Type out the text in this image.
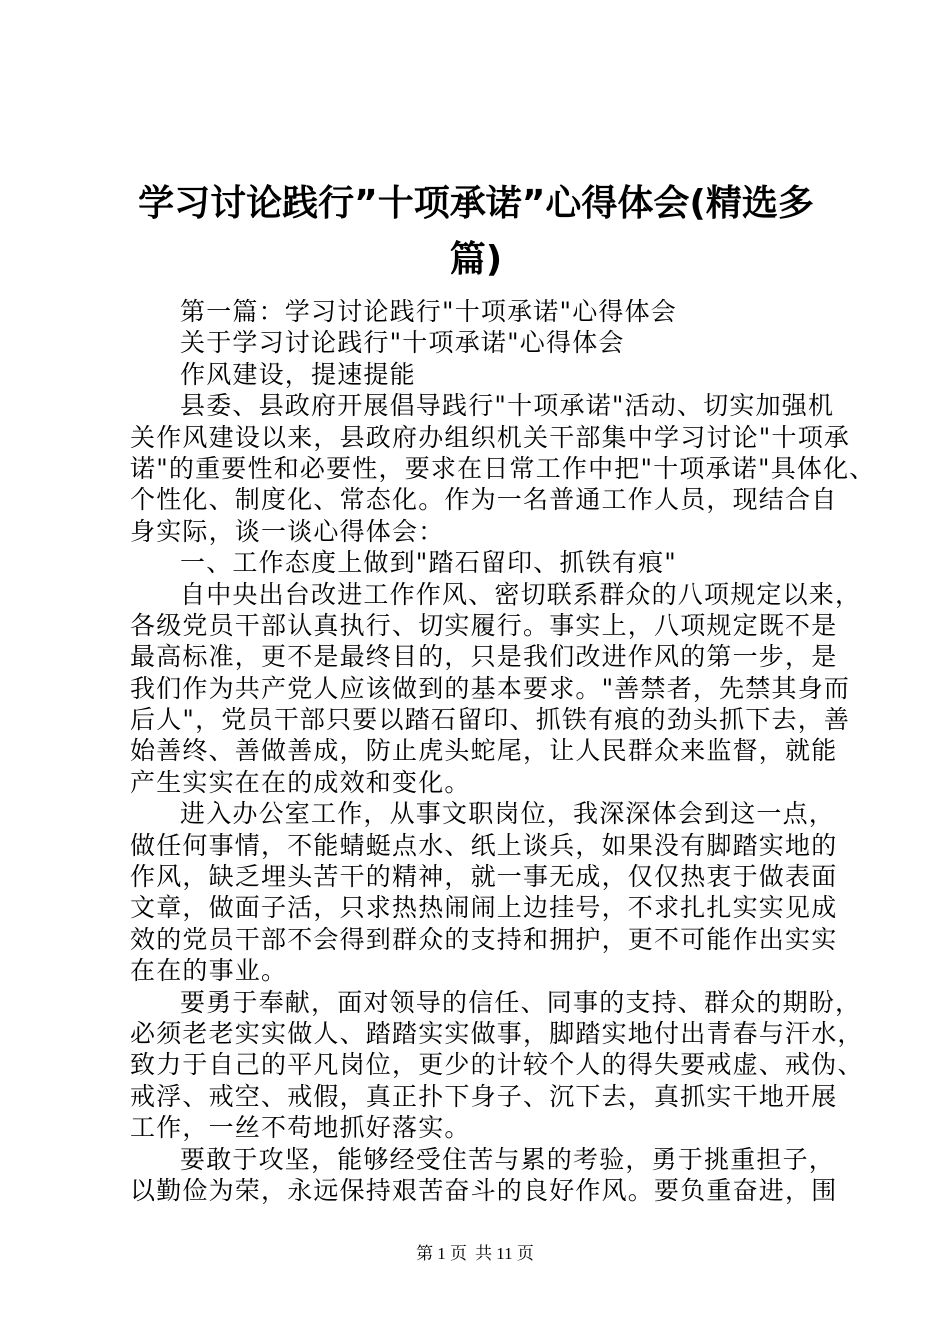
学习讨论践行”十项承诺”心得体会(精选多
篇)
第一篇：学习讨论践行"十项承诺"心得体会
关于学习讨论践行"十项承诺"心得体会
作风建设，提速提能
县委、县政府开展倡导践行"十项承诺"活动、切实加强机
关作风建设以来，县政府办组织机关干部集中学习讨论"十项承
诺"的重要性和必要性，要求在日常工作中把"十项承诺"具体化、
个性化、制度化、常态化。作为一名普通工作人员，现结合自
身实际，谈一谈心得体会：
一、工作态度上做到"踏石留印、抓铁有痕"
自中央出台改进工作作风、密切联系群众的八项规定以来，
各级党员干部认真执行、切实履行。事实上，八项规定既不是
最高标准，更不是最终目的，只是我们改进作风的第一步，是
我们作为共产党人应该做到的基本要求。"善禁者，先禁其身而
后人"，党员干部只要以踏石留印、抓铁有痕的劲头抓下去，善
始善终、善做善成，防止虎头蛇尾，让人民群众来监督，就能
产生实实在在的成效和变化。
进入办公室工作，从事文职岗位，我深深体会到这一点，
做任何事情，不能蜻蜓点水、纸上谈兵，如果没有脚踏实地的
作风，缺乏埋头苦干的精神，就一事无成，仅仅热衷于做表面
文章，做面子活，只求热热闹闹上边挂号，不求扎扎实实见成
效的党员干部不会得到群众的支持和拥护，更不可能作出实实
在在的事业。
要勇于奉献，面对领导的信任、同事的支持、群众的期盼，
必须老老实实做人、踏踏实实做事，脚踏实地付出青春与汗水，
致力于自己的平凡岗位，更少的计较个人的得失要戒虚、戒伪、
戒浮、戒空、戒假，真正扑下身子、沉下去，真抓实干地开展
工作，一丝不苟地抓好落实。
要敢于攻坚，能够经受住苦与累的考验，勇于挑重担子，
以勤俭为荣，永远保持艰苦奋斗的良好作风。要负重奋进，围
第 1 页 共 11 页
